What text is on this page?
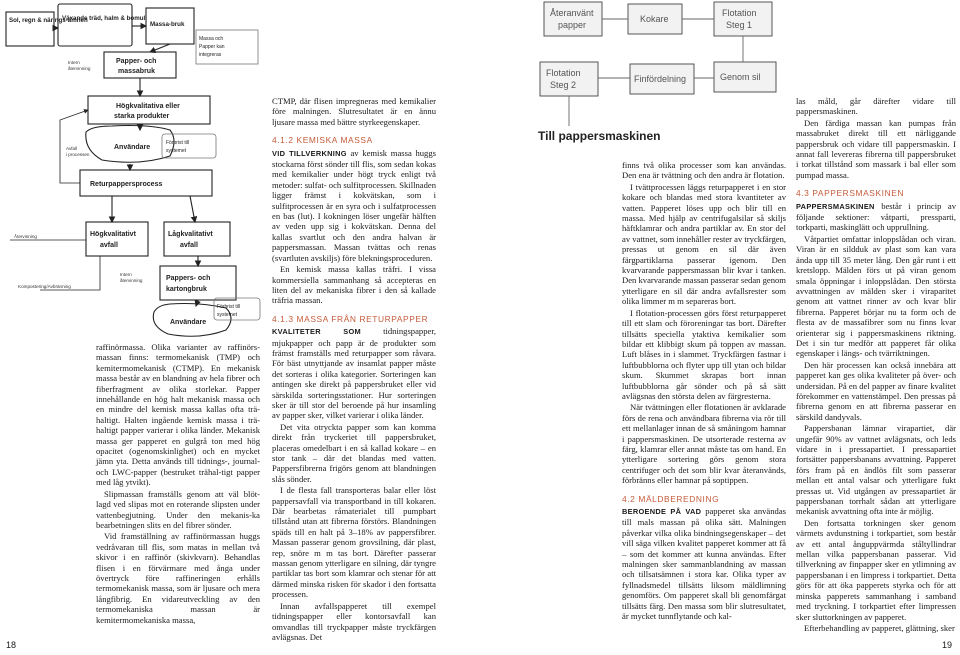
Sol, regn & närings-ämnen
Växande träd, halm & bomull
Massa-bruk
Massa och
Papper kan
integreras
Papper- och
massabruk
Högkvalitativa eller
starka produkter
Användare
Förbrist till
systemet
Returpappersprocess
Högkvalitativt
avfall
Lågkvalitativt
avfall
Pappers- och
kartongbruk
Användare
Förbrist till
systemet
Intern
återvinning
Avfall
i processen
Återvinning
Intern
återvinning
Kompostering/Avbränning

raffinörmassa. Olika varianter av raffinörs-massan finns: termomekanisk (TMP) och kemitermomekanisk (CTMP). En mekanisk massa består av en blandning av hela fibrer och fiberfragment av olika storlekar. Papper innehållande en hög halt mekanisk massa och en mindre del kemisk massa kallas ofta trä-haltigt. Halten ingående kemisk massa i trä-haltigt papper varierar i olika länder. Mekanisk massa ger papperet en gulgrå ton med hög opacitet (ogenomskinlighet) och en mycket jämn yta. Detta används till tidnings-, journal- och LWC-papper (bestruket trähal-tigt papper med låg ytvikt).

Slipmassan framställs genom att väl blöt-lagd ved slipas mot en roterande slipsten under vattenbegjutning. Under den mekanis-ka bearbetningen slits en del fibrer sönder.

Vid framställning av raffinörmassan huggs vedråvaran till flis, som matas in mellan två skivor i en raffinör (skivkvarn). Behandlas flisen i en förvärmare med ånga under övertryck före raffineringen erhålls termomekanisk massa, som är ljusare och mera långfibrig. En vidareutveckling av den termomekaniska massan är kemitermomekaniska massa,

CTMP, där flisen impregneras med kemikalier före malningen. Slutresultatet är en ännu ljusare massa med bättre styrkeegenskaper.

4.1.2 KEMISKA MASSA

VID TILLVERKNING av kemisk massa huggs stockarna först sönder till flis, som sedan kokas med kemikalier under högt tryck enligt två metoder: sulfat- och sulfitprocessen. Skillnaden ligger främst i kokvätskan, som i sulfitprocessen är en syra och i sulfatprocessen en bas (lut). I kokningen löser ungefär hälften av veden upp sig i kokvätskan. Denna del kallas svartlut och den andra halvan är pappersmassan. Massan tvättas och renas (svartluten avskiljs) före blekningsproceduren.

En kemisk massa kallas träfri. I vissa kommersiella sammanhang så accepteras en liten del av mekaniska fibrer i den så kallade träfria massan.

4.1.3 MASSA FRÅN RETURPAPPER

KVALITETER SOM	tidningspapper, mjukpapper och papp är de produkter som främst framställs med returpapper som råvara. För bäst utnyttjande av insamlat papper måste det sorteras i olika kategorier. Sorteringen kan antingen ske direkt på pappersbruket eller vid särskilda sorteringsstationer. Hur sorteringen sker är till stor del beroende på hur insamling av papper sker, vilket varierar i olika länder.

Det vita otryckta papper som kan komma direkt från tryckeriet till pappersbruket, placeras omedelbart i en så kallad kokare – en stor tank – där det blandas med vatten. Pappersfibrerna frigörs genom att blandningen slås sönder.

I de flesta fall transporteras balar eller löst pappersavfall via transportband in till kokaren. Där bearbetas råmaterialet till pumpbart tillstånd utan att fibrerna förstörs. Blandningen späds till en halt på 3–18% av pappersfibrer. Massan passerar genom grovsilning, där plast, rep, snöre m m tas bort. Därefter passerar massan genom ytterligare en silning, där tyngre partiklar tas bort som klamrar och stenar för att därmed minska risken för skador i den fortsatta processen.

Innan avfallspapperet till exempel tidningspapper eller kontorsavfall kan omvandlas till tryckpapper måste tryckfärgen avlägsnas. Det

Återanvänt
papper
Kokare
Flotation
Steg 1
Flotation
Steg 2
Finfördelning	Genom sil
Till pappersmaskinen

finns två olika processer som kan användas. Den ena är tvättning och den andra är flotation.

I tvättprocessen läggs returpapperet i en stor kokare och blandas med stora kvantiteter av vatten. Papperet löses upp och blir till en massa. Med hjälp av centrifugalsilar så skiljs häftklamrar och andra partiklar av. En stor del av vattnet, som innehåller rester av tryckfärgen, pressas ut genom en sil där även färgpartiklarna passerar igenom. Den kvarvarande pappersmassan blir kvar i tanken. Den kvarvarande massan passerar sedan genom ytterligare en sil där andra avfallsrester som olika limmer m m separeras bort.

I flotation-processen görs först returpapperet till ett slam och föroreningar tas bort. Därefter tillsätts speciella ytaktiva kemikalier som bildar ett klibbigt skum på toppen av massan. Luft blåses in i slammet. Tryckfärgen fastnar i luftbubblorna och flyter upp till ytan och bildar skum. Skummet skrapas bort innan luftbubblorna går sönder och på så sätt avlägsnas den största delen av färgresterna.

När tvättningen eller flotationen är avklarade förs de rena och användbara fibrerna via rör till ett mellanlager innan de så småningom hamnar i pappersmaskinen. De utsorterade resterna av färg, klamrar eller annat måste tas om hand. En ytterligare sortering görs genom stora centrifuger och det som blir kvar återanvänds, förbränns eller hamnar på soptippen.

4.2 MÄLDBEREDNING

BEROENDE PÅ VAD papperet ska användas till mals massan på olika sätt. Malningen påverkar vilka olika bindningsegenskaper – det vill säga vilken kvalitet papperet kommer att få – som det kommer att kunna användas. Efter malningen sker sammanblandning av massan och tillsatsämnen i stora kar. Olika typer av fyllnadsmedel tillsätts liksom mäldlimning genomförs. Om papperet skall bli genomfärgat tillsätts färg. Den massa som blir slutresultatet, är mycket tunnflytande och kal-

las måld, går därefter vidare till pappersmaskinen.

Den färdiga massan kan pumpas från massabruket direkt till ett närliggande pappersbruk och vidare till pappersmaskin. I annat fall levereras fibrerna till pappersbruket i torkat tillstånd som massark i bal eller som pumpad massa.

4.3 PAPPERSMASKINEN

PAPPERSMASKINEN består i princip av följande sektioner: våtparti, pressparti, torkparti, maskinglätt och upprullning.

Våtpartiet omfattar inloppslådan och viran. Viran är en sildduk av plast som kan vara ända upp till 35 meter lång. Den går runt i ett kretslopp. Mälden förs ut på viran genom smala öppningar i inloppslådan. Den största avvattningen av mälden sker i viraparitet genom att vattnet rinner av och kvar blir fibrerna. Papperet börjar nu ta form och de flesta av de massafibrer som nu finns kvar orienterar sig i pappersmaskinens riktning. Det i sin tur medför att papperet får olika egenskaper i längs- och tvärriktningen.

Den här processen kan också innebära att papperet kan ges olika kvaliteter på över- och undersidan. På en del papper av finare kvalitet förekommer en vattenstämpel. Den pressas på fibrerna genom en att fibrerna passerar en särskild dandyvals.

Pappersbanan lämnar virapartiet, där ungefär 90% av vattnet avlägsnats, och leds vidare in i pressapartiet. I pressapartiet fortsätter pappersbanans avvattning. Papperet förs fram på en ändlös filt som passerar mellan ett antal valsar och ytterligare fukt pressas ut. Vid utgången av pressapartiet är pappersbanan torrhalt sådan att ytterligare mekanisk avvattning ofta inte är möjlig.

Den fortsatta torkningen sker genom värmets avdunstning i torkpartiet, som består av ett antal ånguppvärmda ståltyllindrar mellan vilka pappersbanan passerar. Vid tillverkning av finpapper sker en ytlimning av pappersbanan i en limpress i torkpartiet. Detta görs för att öka papperets styrka och för att minska papperets sammanhang i samband med tryckning. I torkpartiet efter limpressen sker sluttorkningen av papperet.

Efterbehandling av papperet, glättning, sker

18	19
